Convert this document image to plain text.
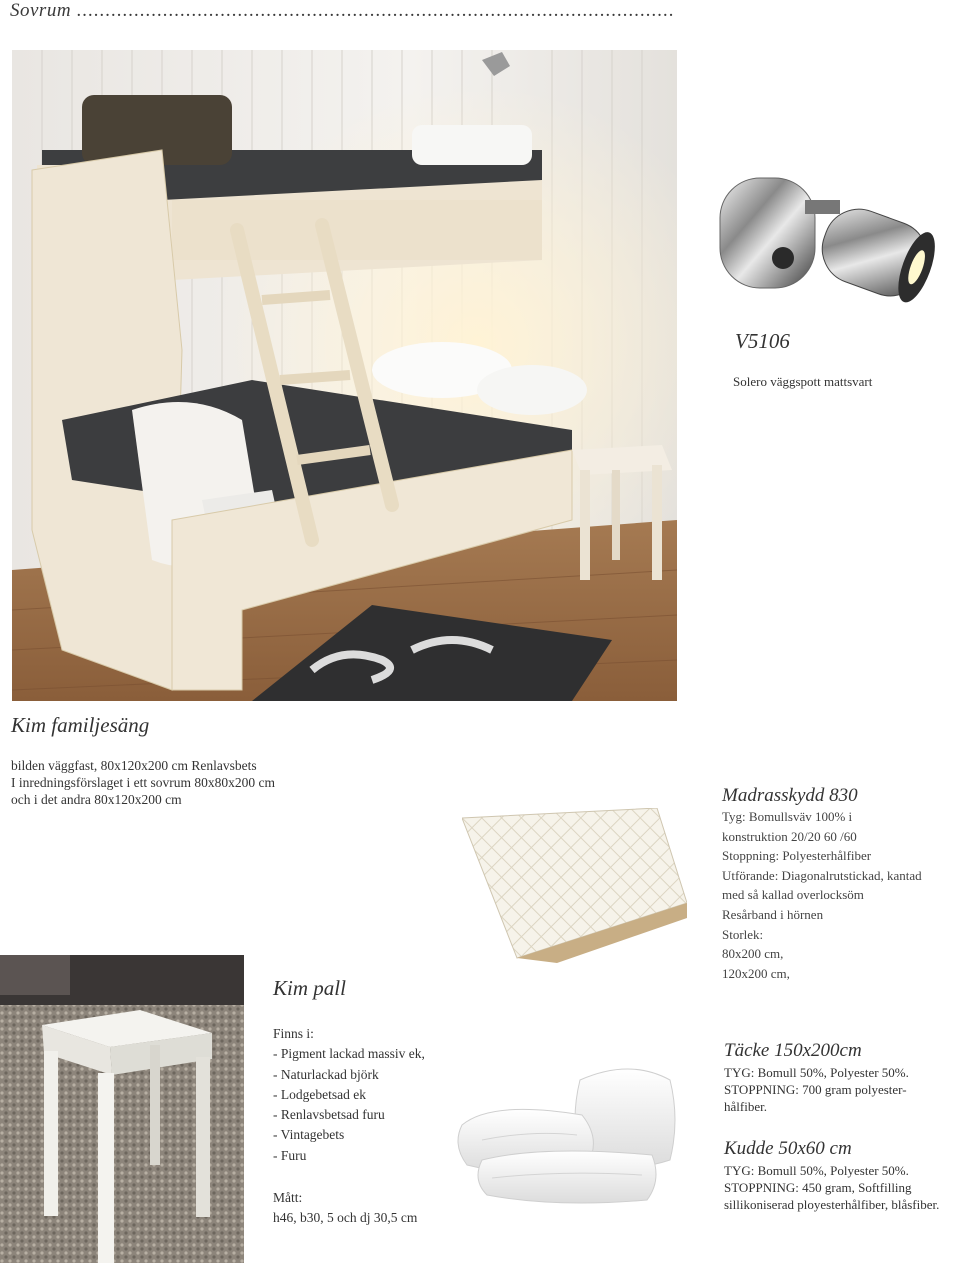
Sovrum ........................................................................................................
V5106
Solero väggspott mattsvart
Kim familjesäng
bilden väggfast, 80x120x200 cm Renlavsbets
I inredningsförslaget i ett sovrum 80x80x200 cm
och i det andra 80x120x200 cm	Madrasskydd 830
Tyg: Bomullsväv 100% i
konstruktion 20/20 60 /60
Stoppning: Polyesterhålfiber
Utförande: Diagonalrutstickad, kantad
med så kallad overlocksöm
Resårband i hörnen
Storlek:
80x200 cm,
120x200 cm,
Kim pall
Finns i:
- Pigment lackad massiv ek,
- Naturlackad björk
- Lodgebetsad ek
- Renlavsbetsad furu
- Vintagebets
- Furu
Mått:
h46, b30, 5 och dj 30,5 cm
Täcke 150x200cm
TYG: Bomull 50%, Polyester 50%.
STOPPNING: 700 gram polyester-
hålfiber.
Kudde 50x60 cm
TYG: Bomull 50%, Polyester 50%.
STOPPNING: 450 gram, Softfilling
sillikoniserad ployesterhålfiber, blåsfiber.
